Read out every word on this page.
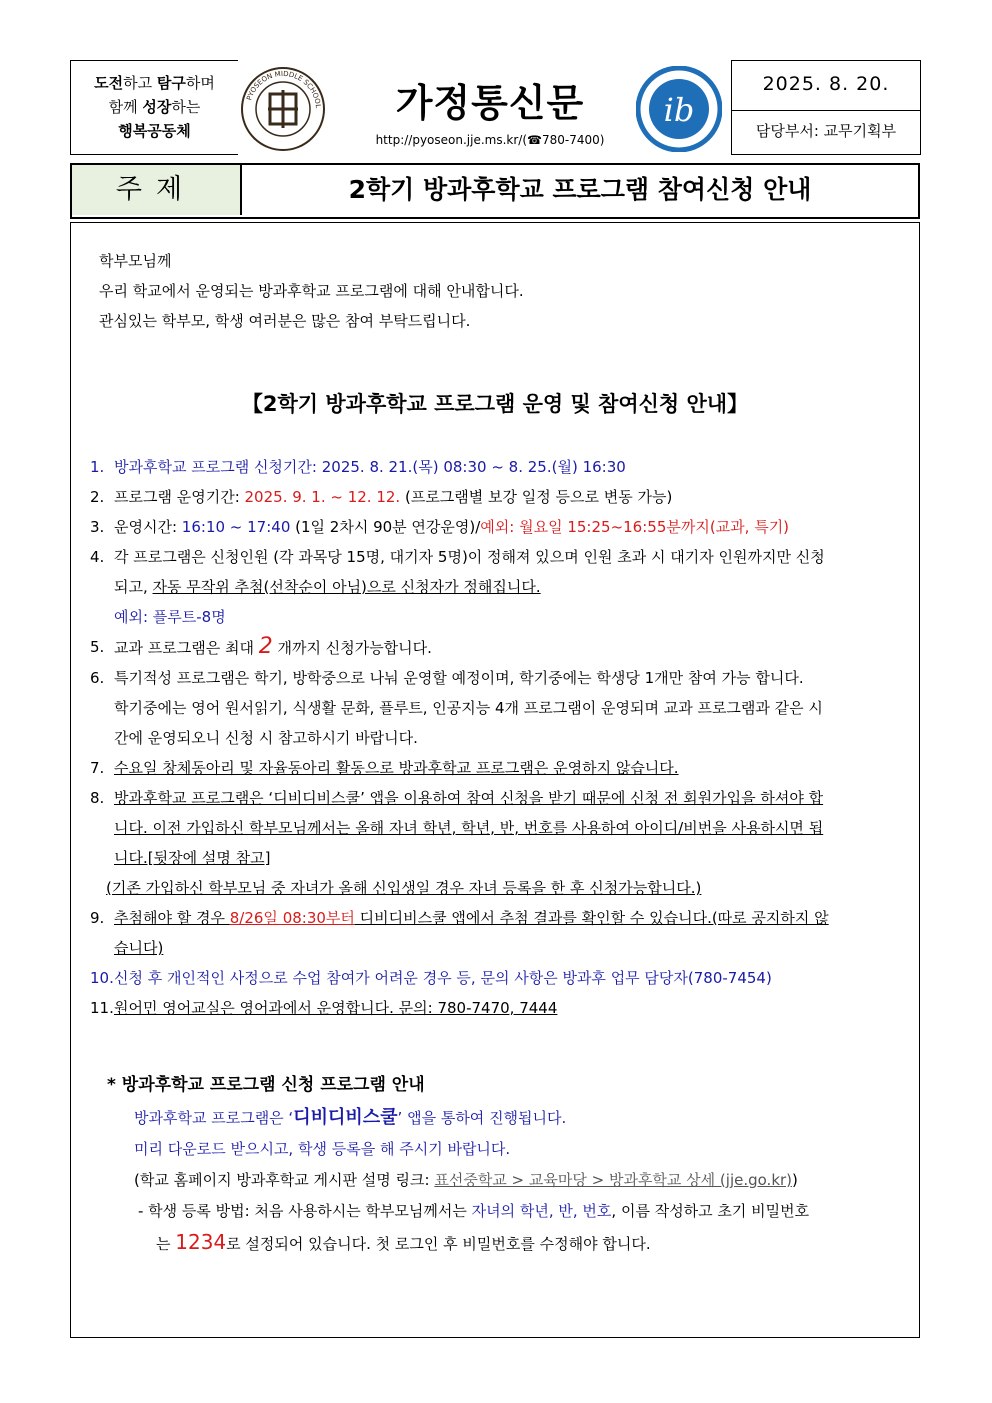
도전하고 탐구하며
함께 성장하는
행복공동체
PYOSEON MIDDLE SCHOOL	가정통신문
http://pyoseon.jje.ms.kr/(☎780-7400)
ib
2025. 8. 20.
담당부서: 교무기획부
주제	2학기 방과후학교 프로그램 참여신청 안내
학부모님께
우리 학교에서 운영되는 방과후학교 프로그램에 대해 안내합니다.
관심있는 학부모, 학생 여러분은 많은 참여 부탁드립니다.
【2학기 방과후학교 프로그램 운영 및 참여신청 안내】
1. 방과후학교 프로그램 신청기간: 2025. 8. 21.(목) 08:30 ~ 8. 25.(월) 16:30
2. 프로그램 운영기간: 2025. 9. 1. ~ 12. 12. (프로그램별 보강 일정 등으로 변동 가능)
3. 운영시간: 16:10 ~ 17:40 (1일 2차시 90분 연강운영)/예외: 월요일 15:25~16:55분까지(교과, 특기)
4. 각 프로그램은 신청인원 (각 과목당 15명, 대기자 5명)이 정해져 있으며 인원 초과 시 대기자 인원까지만 신청
되고, 자동 무작위 추첨(선착순이 아님)으로 신청자가 정해집니다.
예외: 플루트-8명
5. 교과 프로그램은 최대 2 개까지 신청가능합니다.
6. 특기적성 프로그램은 학기, 방학중으로 나눠 운영할 예정이며, 학기중에는 학생당 1개만 참여 가능 합니다.
학기중에는 영어 원서읽기, 식생활 문화, 플루트, 인공지능 4개 프로그램이 운영되며 교과 프로그램과 같은 시
간에 운영되오니 신청 시 참고하시기 바랍니다.
7. 수요일 창체동아리 및 자율동아리 활동으로 방과후학교 프로그램은 운영하지 않습니다.
8. 방과후학교 프로그램은 ‘디비디비스쿨’ 앱을 이용하여 참여 신청을 받기 때문에 신청 전 회원가입을 하셔야 합
니다. 이전 가입하신 학부모님께서는 올해 자녀 학년, 학년, 반, 번호를 사용하여 아이디/비번을 사용하시면 됩
니다.[뒷장에 설명 참고]
(기존 가입하신 학부모님 중 자녀가 올해 신입생일 경우 자녀 등록을 한 후 신청가능합니다.)
9. 추첨해야 할 경우 8/26일 08:30부터 디비디비스쿨 앱에서 추첨 결과를 확인할 수 있습니다.(따로 공지하지 않
습니다)
10. 신청 후 개인적인 사정으로 수업 참여가 어려운 경우 등, 문의 사항은 방과후 업무 담당자(780-7454)
11. 원어민 영어교실은 영어과에서 운영합니다. 문의: 780-7470, 7444
* 방과후학교 프로그램 신청 프로그램 안내
방과후학교 프로그램은 ‘디비디비스쿨’ 앱을 통하여 진행됩니다.
미리 다운로드 받으시고, 학생 등록을 해 주시기 바랍니다.
(학교 홈페이지 방과후학교 게시판 설명 링크: 표선중학교 > 교육마당 > 방과후학교 상세 (jje.go.kr))
- 학생 등록 방법: 처음 사용하시는 학부모님께서는 자녀의 학년, 반, 번호, 이름 작성하고 초기 비밀번호
는 1234로 설정되어 있습니다. 첫 로그인 후 비밀번호를 수정해야 합니다.
